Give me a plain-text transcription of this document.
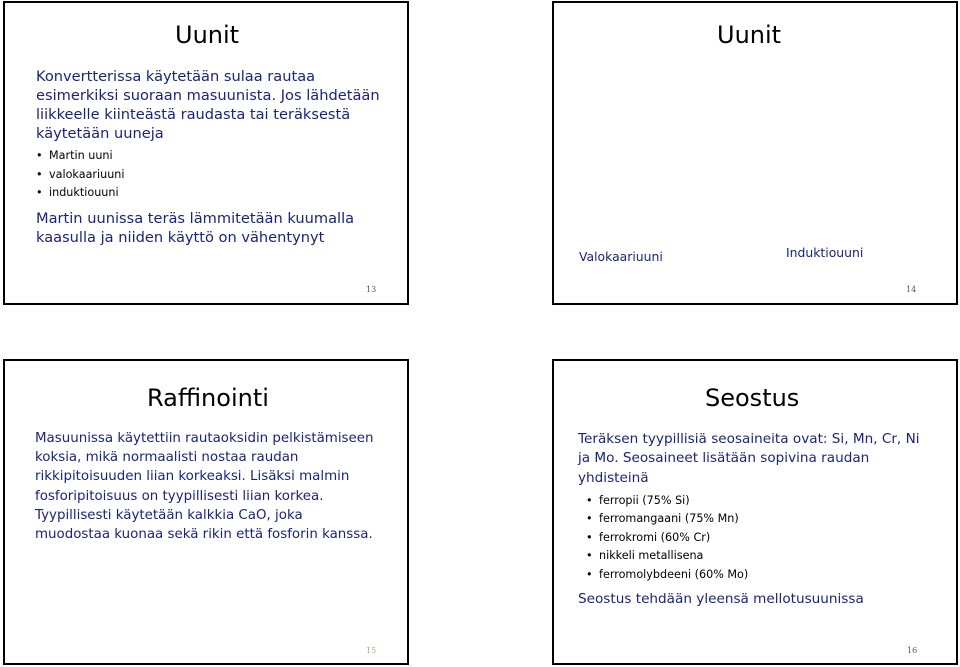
Uunit

Konvertterissa käytetään sulaa rautaa esimerkiksi suoraan masuunista. Jos lähdetään liikkeelle kiinteästä raudasta tai teräksestä käytetään uuneja

• Martin uuni
• valokaariuuni
• induktiouuni

Martin uunissa teräs lämmitetään kuumalla kaasulla ja niiden käyttö on vähentynyt

13
Uunit
Valokaariuuni	Induktiouuni
14
Raffinointi

Masuunissa käytettiin rautaoksidin pelkistämiseen koksia, mikä normaalisti nostaa raudan rikkipitoisuuden liian korkeaksi. Lisäksi malmin fosforipitoisuus on tyypillisesti liian korkea. Tyypillisesti käytetään kalkkia CaO, joka muodostaa kuonaa sekä rikin että fosforin kanssa.

15
Seostus

Teräksen tyypillisiä seosaineita ovat: Si, Mn, Cr, Ni ja Mo. Seosaineet lisätään sopivina raudan yhdisteinä

• ferropii (75% Si)
• ferromangaani (75% Mn)
• ferrokromi (60% Cr)
• nikkeli metallisena
• ferromolybdeeni (60% Mo)

Seostus tehdään yleensä mellotusuunissa

16
